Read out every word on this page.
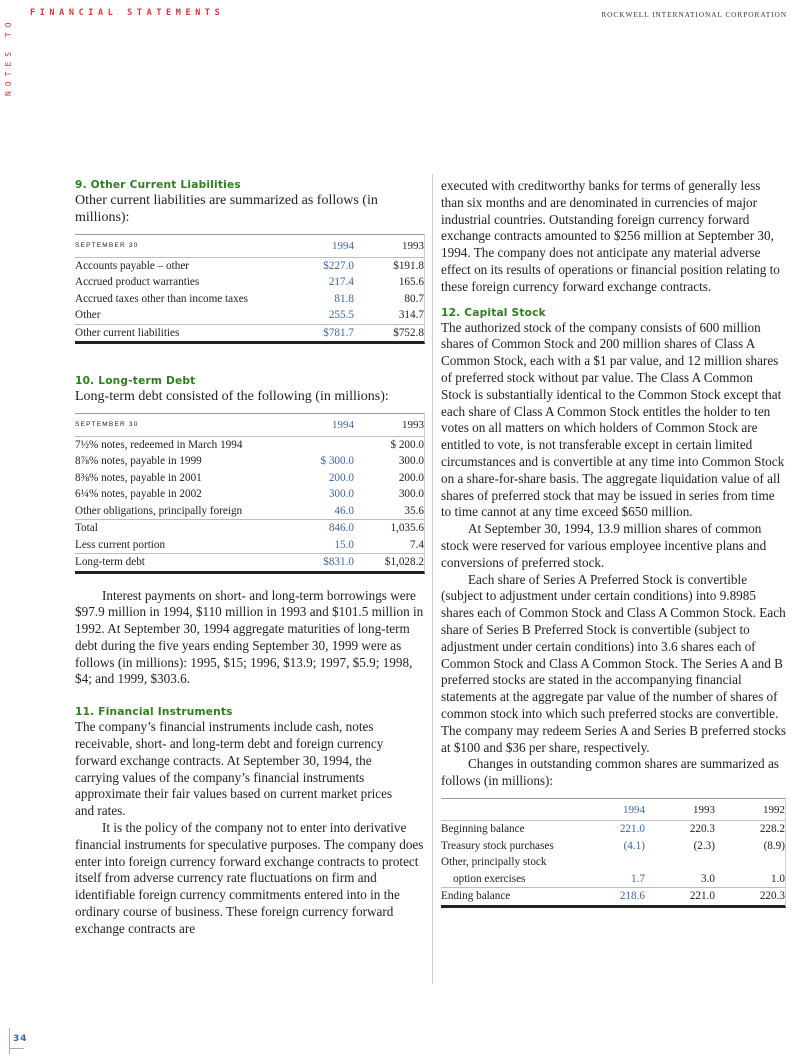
NOTES TO
FINANCIAL STATEMENTS	ROCKWELL INTERNATIONAL CORPORATION
9. Other Current Liabilities

Other current liabilities are summarized as follows (in millions):

SEPTEMBER 30	1994	1993
Accounts payable – other	$227.0	$191.8
Accrued product warranties	217.4	165.6
Accrued taxes other than income taxes	81.8	80.7
Other	255.5	314.7
Other current liabilities	$781.7	$752.8
10. Long-term Debt

Long-term debt consisted of the following (in millions):

SEPTEMBER 30	1994	1993
7½% notes, redeemed in March 1994		$ 200.0
8⅞% notes, payable in 1999	$ 300.0	300.0
8⅜% notes, payable in 2001	200.0	200.0
6¼% notes, payable in 2002	300.0	300.0
Other obligations, principally foreign	46.0	35.6
Total	846.0	1,035.6
Less current portion	15.0	7.4
Long-term debt	$831.0	$1,028.2

Interest payments on short- and long-term borrowings were $97.9 million in 1994, $110 million in 1993 and $101.5 million in 1992. At September 30, 1994 aggregate maturities of long-term debt during the five years ending September 30, 1999 were as follows (in millions): 1995, $15; 1996, $13.9; 1997, $5.9; 1998, $4; and 1999, $303.6.

11. Financial Instruments

The company’s financial instruments include cash, notes receivable, short- and long-term debt and foreign currency forward exchange contracts. At September 30, 1994, the carrying values of the company’s financial instruments approximate their fair values based on current market prices and rates.

It is the policy of the company not to enter into derivative financial instruments for speculative purposes. The company does enter into foreign currency forward exchange contracts to protect itself from adverse currency rate fluctuations on firm and identifiable foreign currency commitments entered into in the ordinary course of business. These foreign currency forward exchange contracts are

executed with creditworthy banks for terms of generally less than six months and are denominated in currencies of major industrial countries. Outstanding foreign currency forward exchange contracts amounted to $256 million at September 30, 1994. The company does not anticipate any material adverse effect on its results of operations or financial position relating to these foreign currency forward exchange contracts.

12. Capital Stock

The authorized stock of the company consists of 600 million shares of Common Stock and 200 million shares of Class A Common Stock, each with a $1 par value, and 12 million shares of preferred stock without par value. The Class A Common Stock is substantially identical to the Common Stock except that each share of Class A Common Stock entitles the holder to ten votes on all matters on which holders of Common Stock are entitled to vote, is not transferable except in certain limited circumstances and is convertible at any time into Common Stock on a share-for-share basis. The aggregate liquidation value of all shares of preferred stock that may be issued in series from time to time cannot at any time exceed $650 million.

At September 30, 1994, 13.9 million shares of common stock were reserved for various employee incentive plans and conversions of preferred stock.

Each share of Series A Preferred Stock is convertible (subject to adjustment under certain conditions) into 9.8985 shares each of Common Stock and Class A Common Stock. Each share of Series B Preferred Stock is convertible (subject to adjustment under certain conditions) into 3.6 shares each of Common Stock and Class A Common Stock. The Series A and B preferred stocks are stated in the accompanying financial statements at the aggregate par value of the number of shares of common stock into which such preferred stocks are convertible. The company may redeem Series A and Series B preferred stocks at $100 and $36 per share, respectively.

Changes in outstanding common shares are summarized as follows (in millions):

	1994	1993	1992
Beginning balance	221.0	220.3	228.2
Treasury stock purchases	(4.1)	(2.3)	(8.9)
Other, principally stock			
option exercises	1.7	3.0	1.0
Ending balance	218.6	221.0	220.3
34
